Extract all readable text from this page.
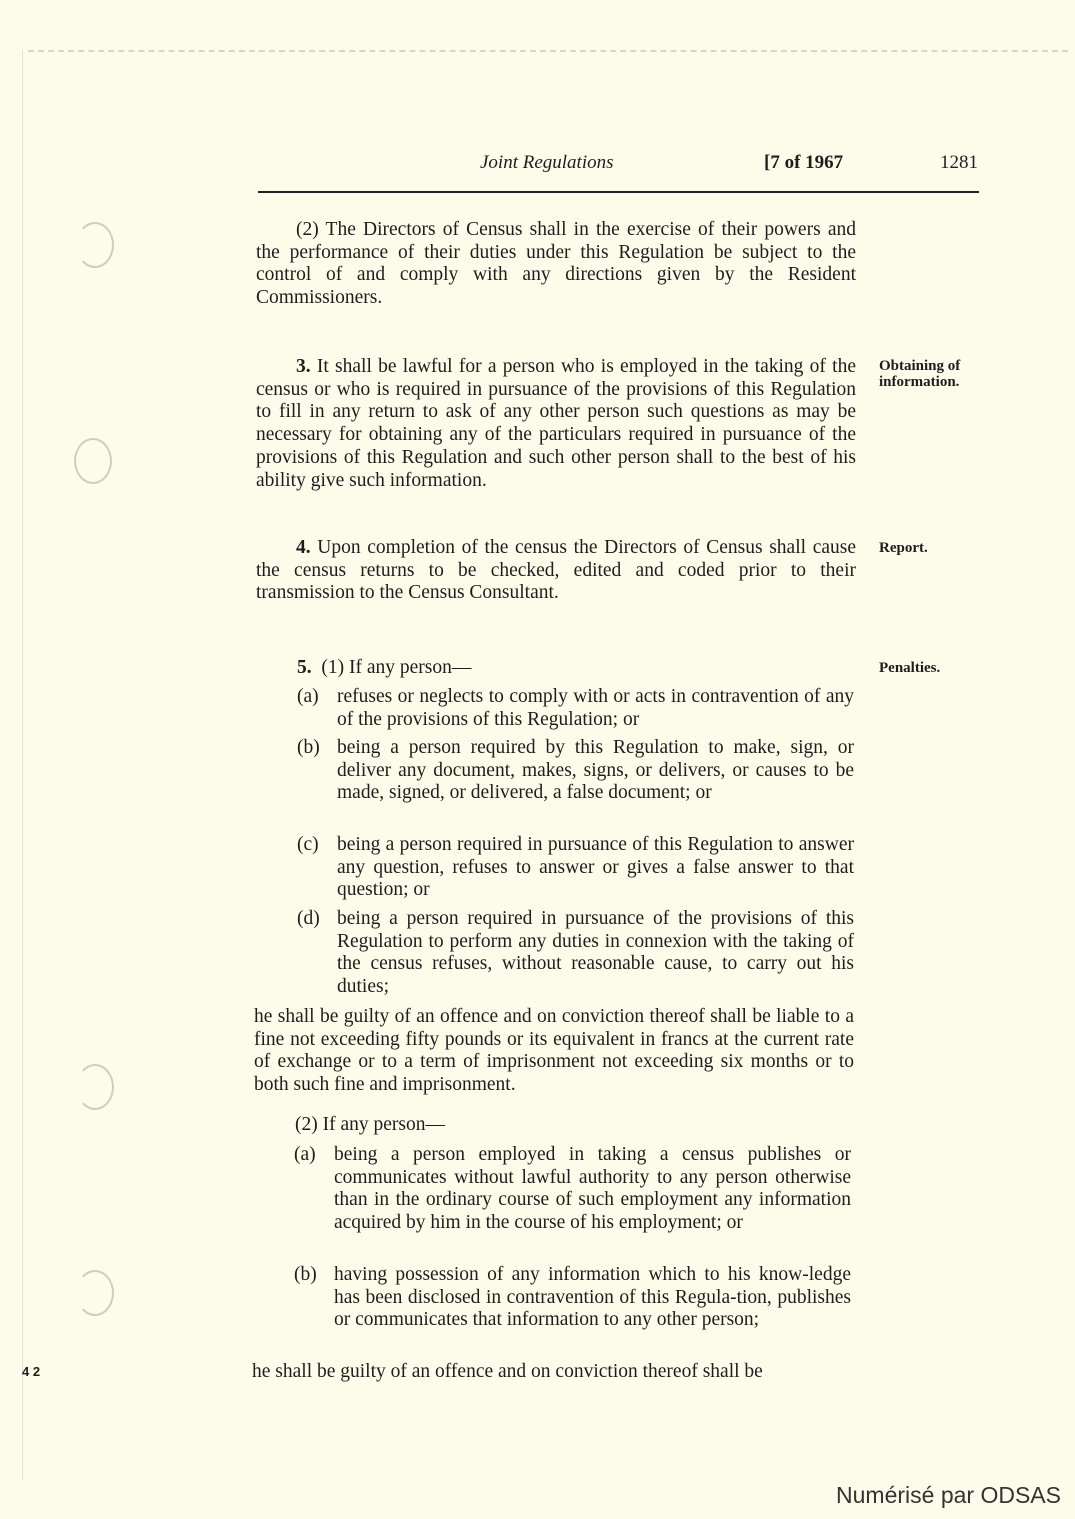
Joint Regulations	[7 of 1967	1281
(2) The Directors of Census shall in the exercise of their powers and the performance of their duties under this Regulation be subject to the control of and comply with any directions given by the Resident Commissioners.
3. It shall be lawful for a person who is employed in the taking of the census or who is required in pursuance of the provisions of this Regulation to fill in any return to ask of any other person such questions as may be necessary for obtaining any of the particulars required in pursuance of the provisions of this Regulation and such other person shall to the best of his ability give such information.
Obtaining of information.
4. Upon completion of the census the Directors of Census shall cause the census returns to be checked, edited and coded prior to their transmission to the Census Consultant.
Report.
5. (1) If any person—	Penalties.
(a) refuses or neglects to comply with or acts in contravention of any of the provisions of this Regulation; or
(b) being a person required by this Regulation to make, sign, or deliver any document, makes, signs, or delivers, or causes to be made, signed, or delivered, a false document; or
(c) being a person required in pursuance of this Regulation to answer any question, refuses to answer or gives a false answer to that question; or
(d) being a person required in pursuance of the provisions of this Regulation to perform any duties in connexion with the taking of the census refuses, without reasonable cause, to carry out his duties;
he shall be guilty of an offence and on conviction thereof shall be liable to a fine not exceeding fifty pounds or its equivalent in francs at the current rate of exchange or to a term of imprisonment not exceeding six months or to both such fine and imprisonment.
(2) If any person—
(a) being a person employed in taking a census publishes or communicates without lawful authority to any person otherwise than in the ordinary course of such employment any information acquired by him in the course of his employment; or
(b) having possession of any information which to his know-ledge has been disclosed in contravention of this Regula-tion, publishes or communicates that information to any other person;
he shall be guilty of an offence and on conviction thereof shall be
4 2
Numérisé par ODSAS
